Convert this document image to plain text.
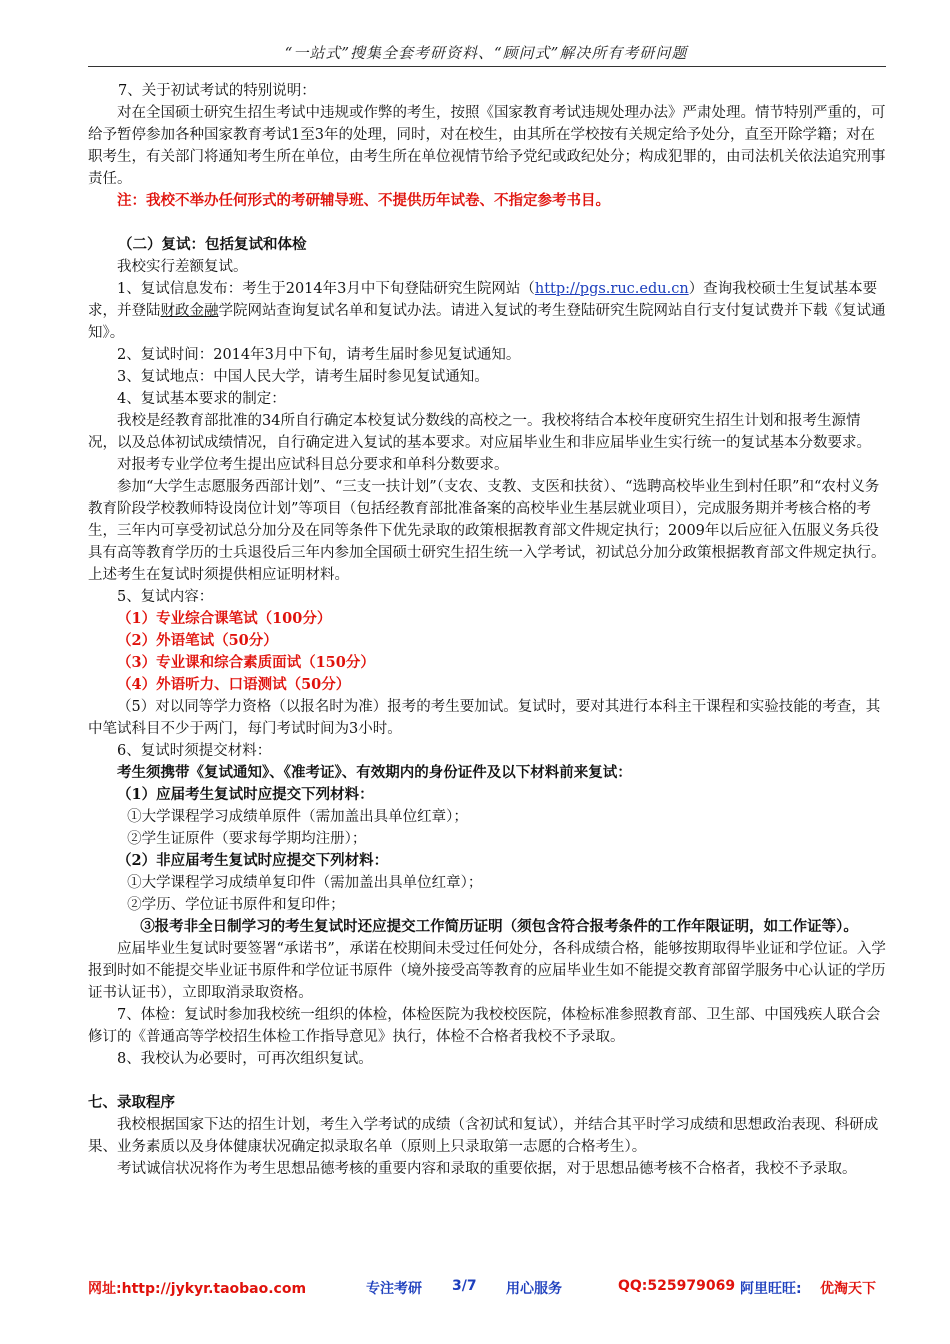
“一站式”搜集全套考研资料、“顾问式”解决所有考研问题

7、关于初试考试的特别说明：

对在全国硕士研究生招生考试中违规或作弊的考生，按照《国家教育考试违规处理办法》严肃处理。情节特别严重的，可给予暂停参加各种国家教育考试1至3年的处理，同时，对在校生，由其所在学校按有关规定给予处分，直至开除学籍；对在职考生，有关部门将通知考生所在单位，由考生所在单位视情节给予党纪或政纪处分；构成犯罪的，由司法机关依法追究刑事责任。

注：我校不举办任何形式的考研辅导班、不提供历年试卷、不指定参考书目。

（二）复试：包括复试和体检

我校实行差额复试。

1、复试信息发布：考生于2014年3月中下旬登陆研究生院网站（http://pgs.ruc.edu.cn）查询我校硕士生复试基本要求，并登陆财政金融学院网站查询复试名单和复试办法。请进入复试的考生登陆研究生院网站自行支付复试费并下载《复试通知》。

2、复试时间：2014年3月中下旬，请考生届时参见复试通知。

3、复试地点：中国人民大学，请考生届时参见复试通知。

4、复试基本要求的制定：

我校是经教育部批准的34所自行确定本校复试分数线的高校之一。我校将结合本校年度研究生招生计划和报考生源情况，以及总体初试成绩情况，自行确定进入复试的基本要求。对应届毕业生和非应届毕业生实行统一的复试基本分数要求。

对报考专业学位考生提出应试科目总分要求和单科分数要求。

参加“大学生志愿服务西部计划”、“三支一扶计划”（支农、支教、支医和扶贫）、“选聘高校毕业生到村任职”和“农村义务教育阶段学校教师特设岗位计划”等项目（包括经教育部批准备案的高校毕业生基层就业项目），完成服务期并考核合格的考生，三年内可享受初试总分加分及在同等条件下优先录取的政策根据教育部文件规定执行；2009年以后应征入伍服义务兵役具有高等教育学历的士兵退役后三年内参加全国硕士研究生招生统一入学考试，初试总分加分政策根据教育部文件规定执行。上述考生在复试时须提供相应证明材料。

5、复试内容：

（1）专业综合课笔试（100分）

（2）外语笔试（50分）

（3）专业课和综合素质面试（150分）

（4）外语听力、口语测试（50分）

（5）对以同等学力资格（以报名时为准）报考的考生要加试。复试时，要对其进行本科主干课程和实验技能的考查，其中笔试科目不少于两门，每门考试时间为3小时。

6、复试时须提交材料：

考生须携带《复试通知》、《准考证》、有效期内的身份证件及以下材料前来复试：

（1）应届考生复试时应提交下列材料：

①大学课程学习成绩单原件（需加盖出具单位红章）；

②学生证原件（要求每学期均注册）；

（2）非应届考生复试时应提交下列材料：

①大学课程学习成绩单复印件（需加盖出具单位红章）；

②学历、学位证书原件和复印件；

③报考非全日制学习的考生复试时还应提交工作简历证明（须包含符合报考条件的工作年限证明，如工作证等）。

应届毕业生复试时要签署“承诺书”，承诺在校期间未受过任何处分，各科成绩合格，能够按期取得毕业证和学位证。入学报到时如不能提交毕业证书原件和学位证书原件（境外接受高等教育的应届毕业生如不能提交教育部留学服务中心认证的学历证书认证书），立即取消录取资格。

7、体检：复试时参加我校统一组织的体检，体检医院为我校校医院，体检标准参照教育部、卫生部、中国残疾人联合会修订的《普通高等学校招生体检工作指导意见》执行，体检不合格者我校不予录取。

8、我校认为必要时，可再次组织复试。

七、录取程序

我校根据国家下达的招生计划，考生入学考试的成绩（含初试和复试），并结合其平时学习成绩和思想政治表现、科研成果、业务素质以及身体健康状况确定拟录取名单（原则上只录取第一志愿的合格考生）。

考试诚信状况将作为考生思想品德考核的重要内容和录取的重要依据，对于思想品德考核不合格者，我校不予录取。

网址:http://jykyr.taobao.com	专注考研 3/7 用心服务	QQ:525979069 阿里旺旺: 优淘天下
